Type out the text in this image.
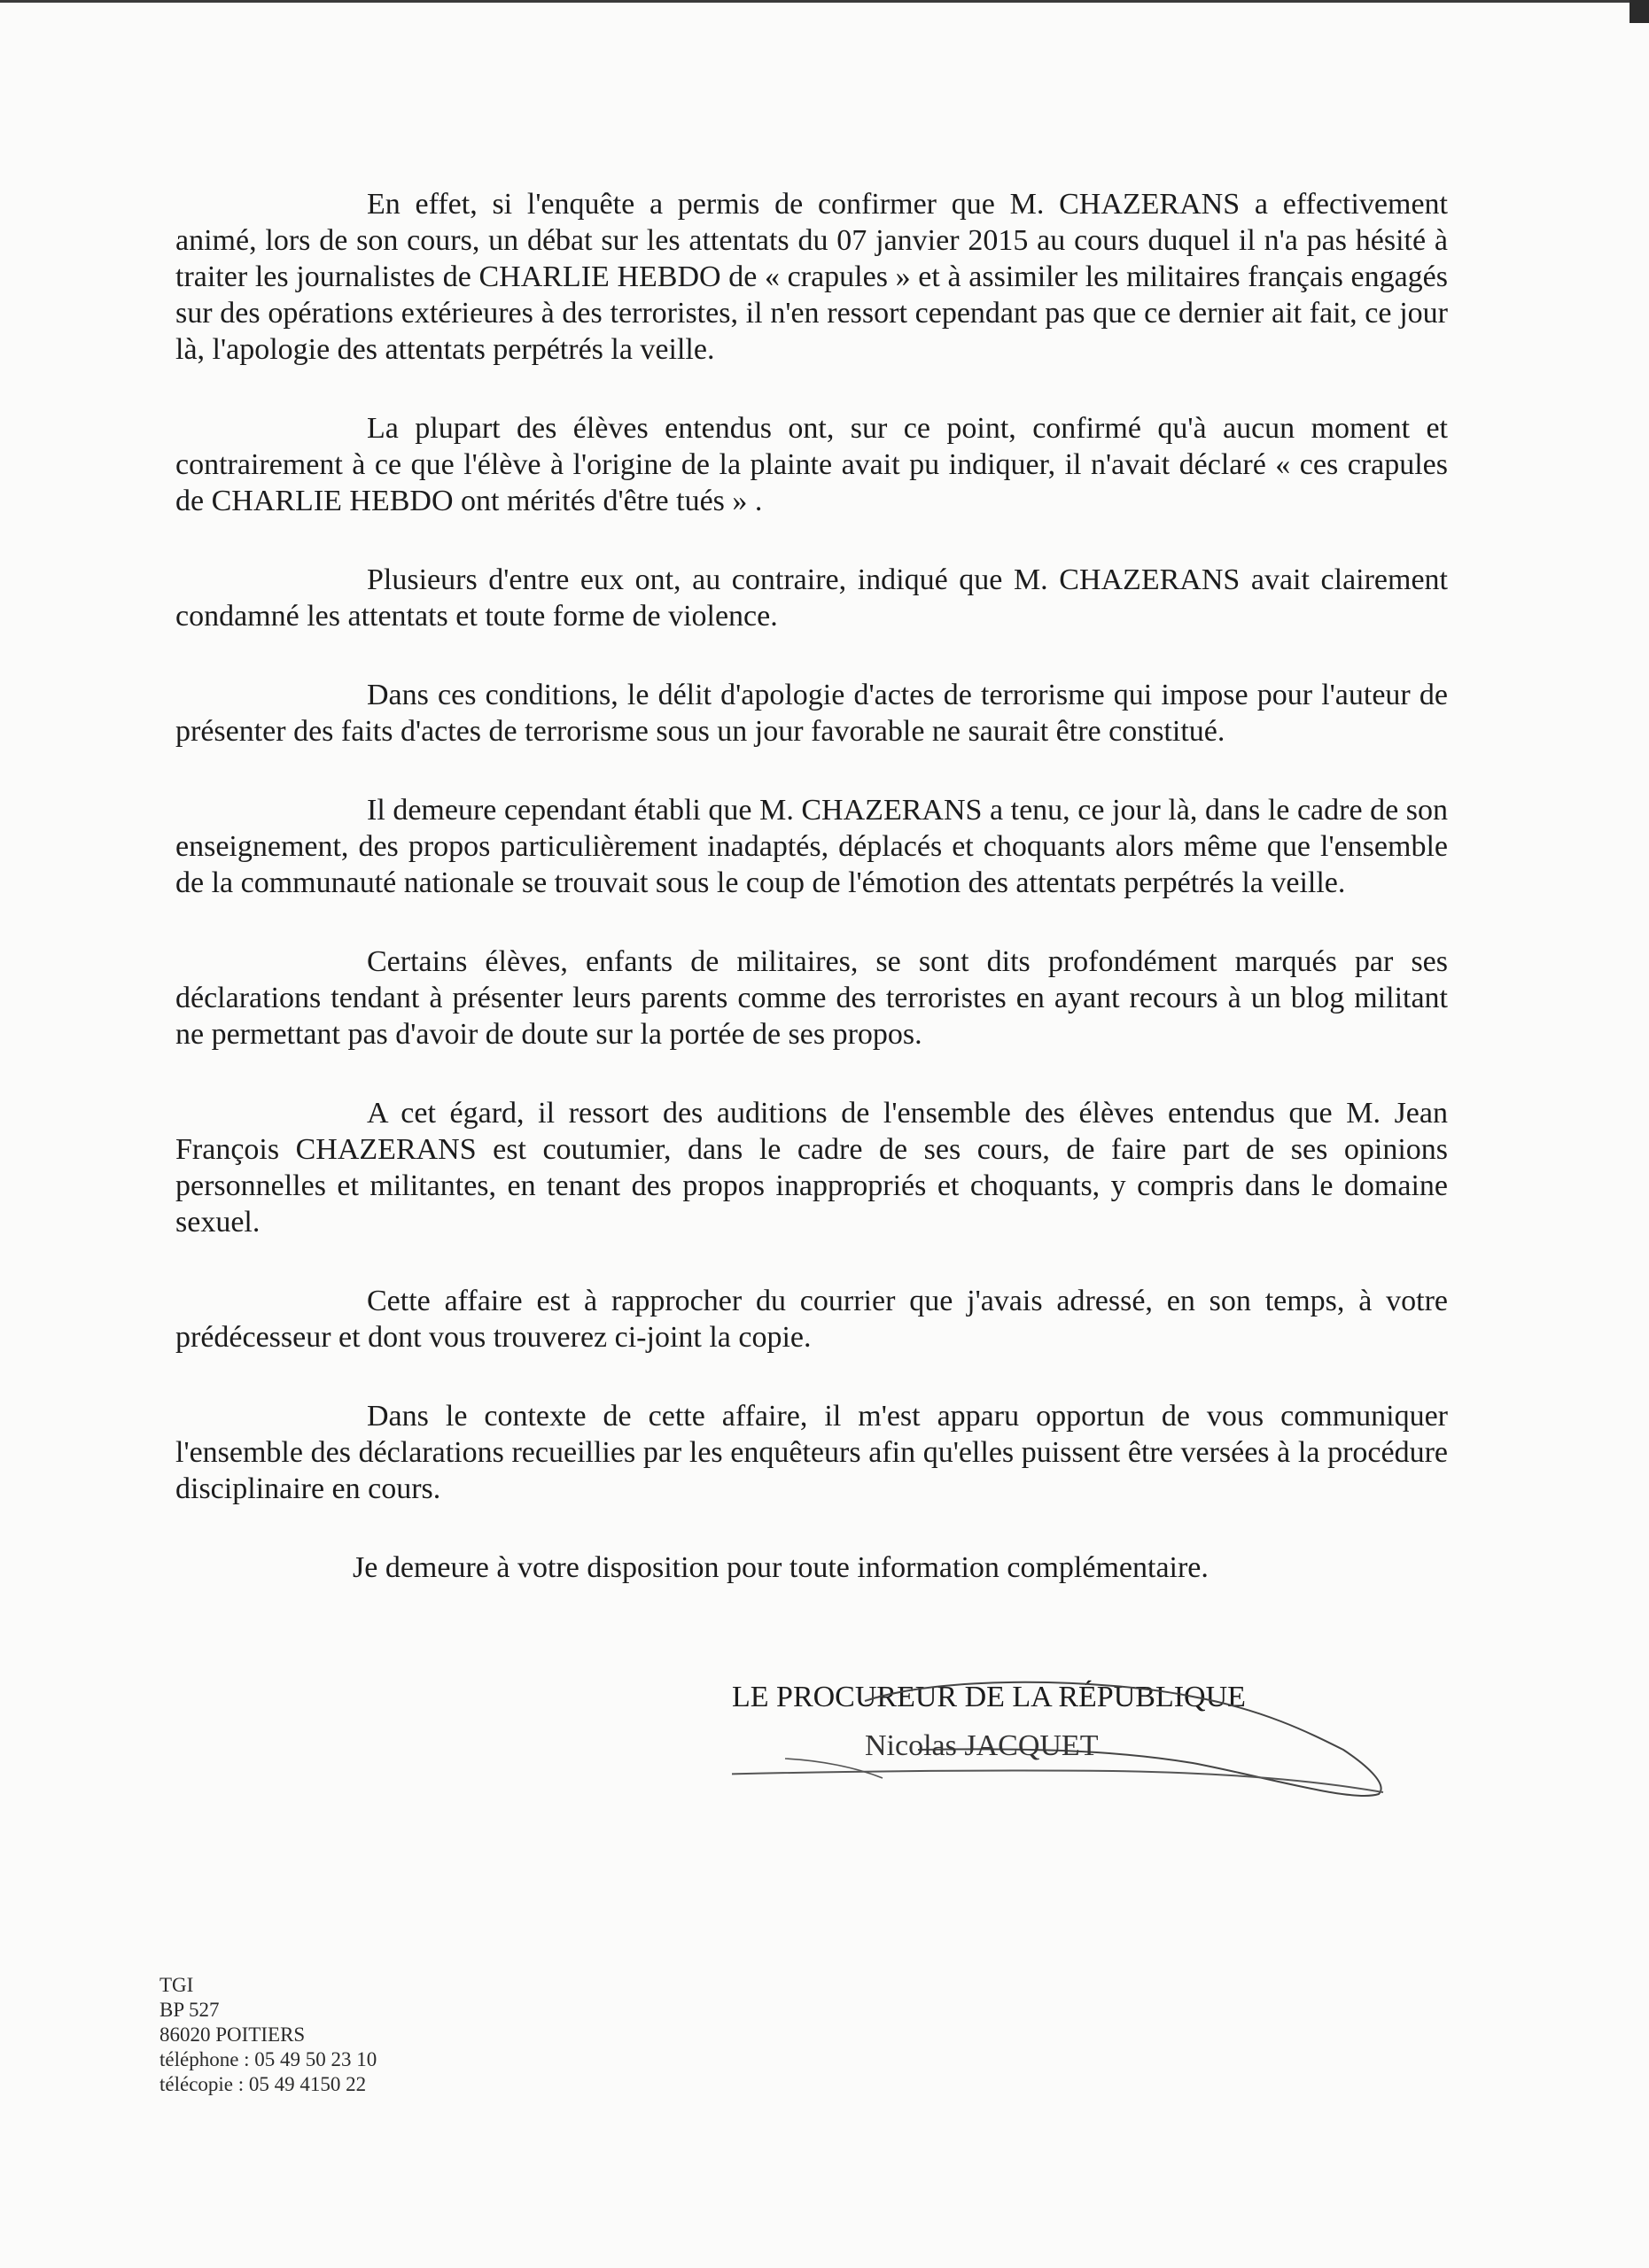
En effet, si l'enquête a permis de confirmer que M. CHAZERANS a effectivement animé, lors de son cours, un débat sur les attentats du 07 janvier 2015 au cours duquel il n'a pas hésité à traiter les journalistes de CHARLIE HEBDO de « crapules » et à assimiler les militaires français engagés sur des opérations extérieures à des terroristes, il n'en ressort cependant pas que ce dernier ait fait, ce jour là, l'apologie des attentats perpétrés la veille.

La plupart des élèves entendus ont, sur ce point, confirmé qu'à aucun moment et contrairement à ce que l'élève à l'origine de la plainte avait pu indiquer, il n'avait déclaré « ces crapules de CHARLIE HEBDO ont mérités d'être tués » .

Plusieurs d'entre eux ont, au contraire, indiqué que M. CHAZERANS avait clairement condamné les attentats et toute forme de violence.

Dans ces conditions, le délit d'apologie d'actes de terrorisme qui impose pour l'auteur de présenter des faits d'actes de terrorisme sous un jour favorable ne saurait être constitué.

Il demeure cependant établi que M. CHAZERANS a tenu, ce jour là, dans le cadre de son enseignement, des propos particulièrement inadaptés, déplacés et choquants alors même que l'ensemble de la communauté nationale se trouvait sous le coup de l'émotion des attentats perpétrés la veille.

Certains élèves, enfants de militaires, se sont dits profondément marqués par ses déclarations tendant à présenter leurs parents comme des terroristes en ayant recours à un blog militant ne permettant pas d'avoir de doute sur la portée de ses propos.

A cet égard, il ressort des auditions de l'ensemble des élèves entendus que M. Jean François CHAZERANS est coutumier, dans le cadre de ses cours, de faire part de ses opinions personnelles et militantes, en tenant des propos inappropriés et choquants, y compris dans le domaine sexuel.

Cette affaire est à rapprocher du courrier que j'avais adressé, en son temps, à votre prédécesseur et dont vous trouverez ci-joint la copie.

Dans le contexte de cette affaire, il m'est apparu opportun de vous communiquer l'ensemble des déclarations recueillies par les enquêteurs afin qu'elles puissent être versées à la procédure disciplinaire en cours.

Je demeure à votre disposition pour toute information complémentaire.

LE PROCUREUR DE LA RÉPUBLIQUE
Nicolas JACQUET
TGI
BP 527
86020 POITIERS
téléphone : 05 49 50 23 10
télécopie : 05 49 4150 22
